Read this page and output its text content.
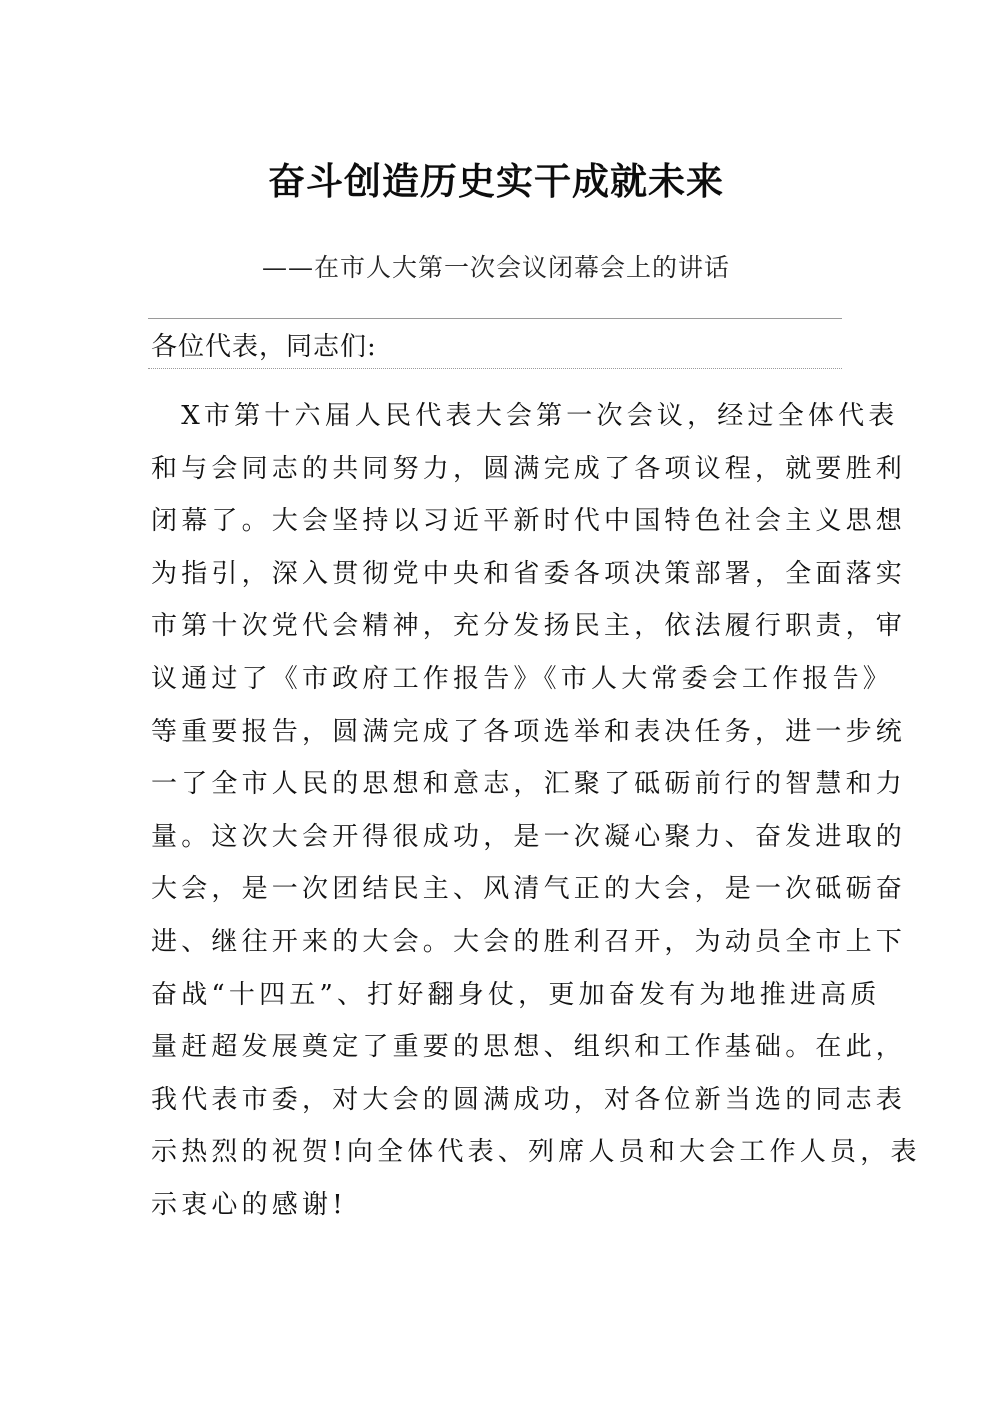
奋斗创造历史实干成就未来
——在市人大第一次会议闭幕会上的讲话
各位代表，同志们:
　X市第十六届人民代表大会第一次会议，经过全体代表
和与会同志的共同努力，圆满完成了各项议程，就要胜利
闭幕了。大会坚持以习近平新时代中国特色社会主义思想
为指引，深入贯彻党中央和省委各项决策部署，全面落实
市第十次党代会精神，充分发扬民主，依法履行职责，审
议通过了《市政府工作报告》《市人大常委会工作报告》
等重要报告，圆满完成了各项选举和表决任务，进一步统
一了全市人民的思想和意志，汇聚了砥砺前行的智慧和力
量。这次大会开得很成功，是一次凝心聚力、奋发进取的
大会，是一次团结民主、风清气正的大会，是一次砥砺奋
进、继往开来的大会。大会的胜利召开，为动员全市上下
奋战“十四五”、打好翻身仗，更加奋发有为地推进高质
量赶超发展奠定了重要的思想、组织和工作基础。在此，
我代表市委，对大会的圆满成功，对各位新当选的同志表
示热烈的祝贺!向全体代表、列席人员和大会工作人员，表
示衷心的感谢!
